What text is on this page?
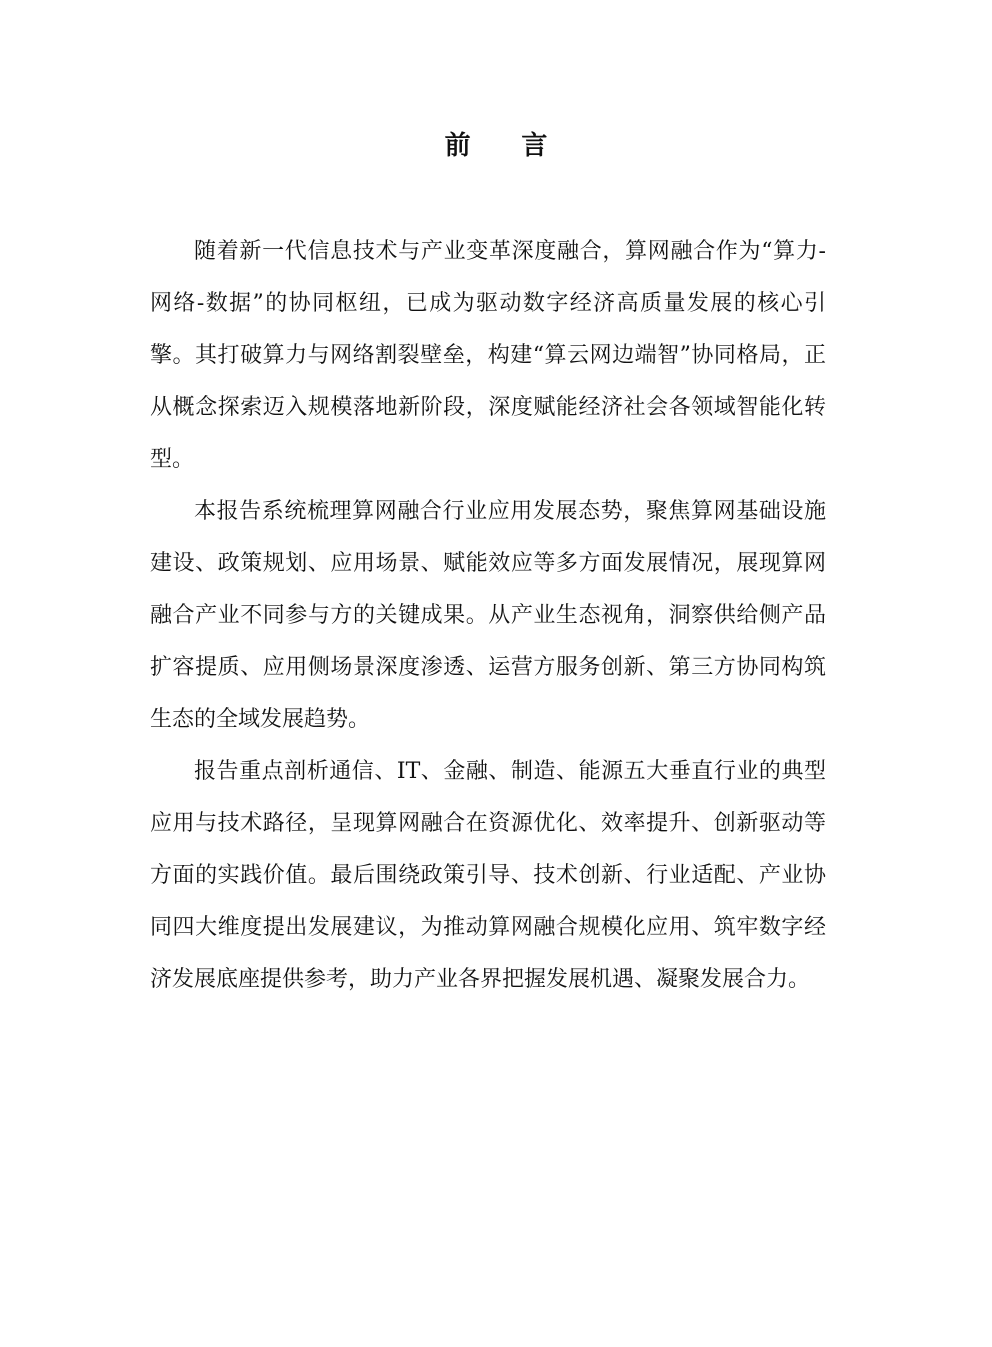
前 言

随着新一代信息技术与产业变革深度融合，算网融合作为“算力-网络-数据”的协同枢纽，已成为驱动数字经济高质量发展的核心引擎。其打破算力与网络割裂壁垒，构建“算云网边端智”协同格局，正从概念探索迈入规模落地新阶段，深度赋能经济社会各领域智能化转型。

本报告系统梳理算网融合行业应用发展态势，聚焦算网基础设施建设、政策规划、应用场景、赋能效应等多方面发展情况，展现算网融合产业不同参与方的关键成果。从产业生态视角，洞察供给侧产品扩容提质、应用侧场景深度渗透、运营方服务创新、第三方协同构筑生态的全域发展趋势。

报告重点剖析通信、IT、金融、制造、能源五大垂直行业的典型应用与技术路径，呈现算网融合在资源优化、效率提升、创新驱动等方面的实践价值。最后围绕政策引导、技术创新、行业适配、产业协同四大维度提出发展建议，为推动算网融合规模化应用、筑牢数字经济发展底座提供参考，助力产业各界把握发展机遇、凝聚发展合力。
